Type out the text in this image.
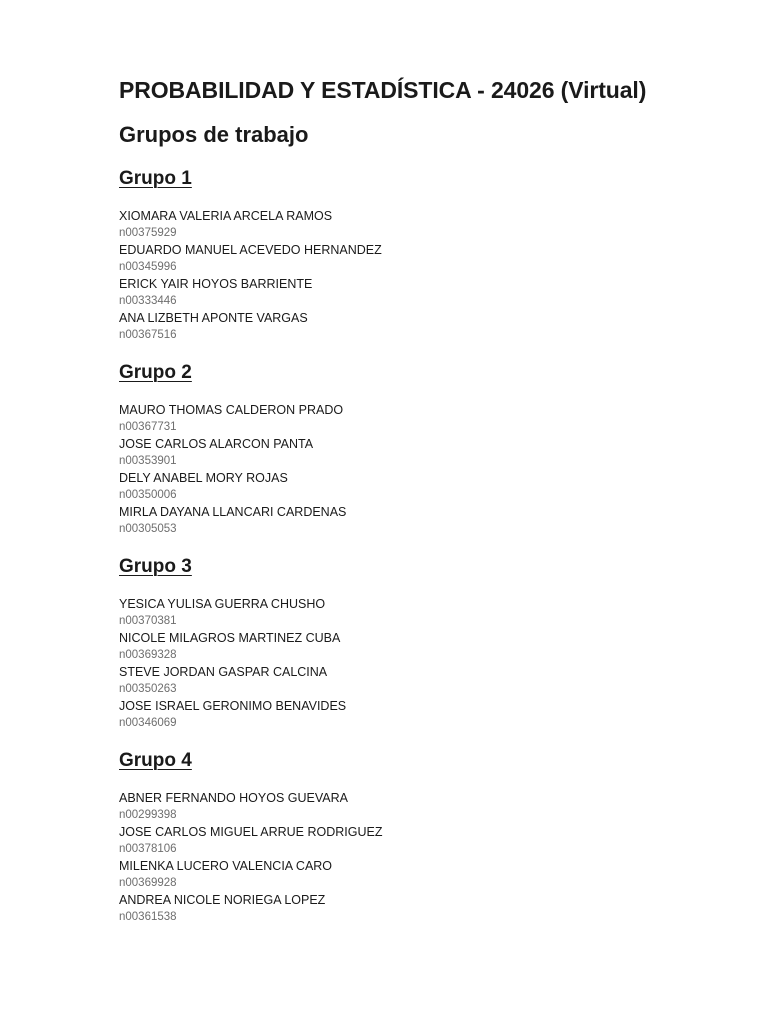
PROBABILIDAD Y ESTADÍSTICA - 24026 (Virtual)
Grupos de trabajo
Grupo 1
XIOMARA VALERIA ARCELA RAMOS
n00375929
EDUARDO MANUEL ACEVEDO HERNANDEZ
n00345996
ERICK YAIR HOYOS BARRIENTE
n00333446
ANA LIZBETH APONTE VARGAS
n00367516
Grupo 2
MAURO THOMAS CALDERON PRADO
n00367731
JOSE CARLOS ALARCON PANTA
n00353901
DELY ANABEL MORY ROJAS
n00350006
MIRLA DAYANA LLANCARI CARDENAS
n00305053
Grupo 3
YESICA YULISA GUERRA CHUSHO
n00370381
NICOLE MILAGROS MARTINEZ CUBA
n00369328
STEVE JORDAN GASPAR CALCINA
n00350263
JOSE ISRAEL GERONIMO BENAVIDES
n00346069
Grupo 4
ABNER FERNANDO HOYOS GUEVARA
n00299398
JOSE CARLOS MIGUEL ARRUE RODRIGUEZ
n00378106
MILENKA LUCERO VALENCIA CARO
n00369928
ANDREA NICOLE NORIEGA LOPEZ
n00361538
